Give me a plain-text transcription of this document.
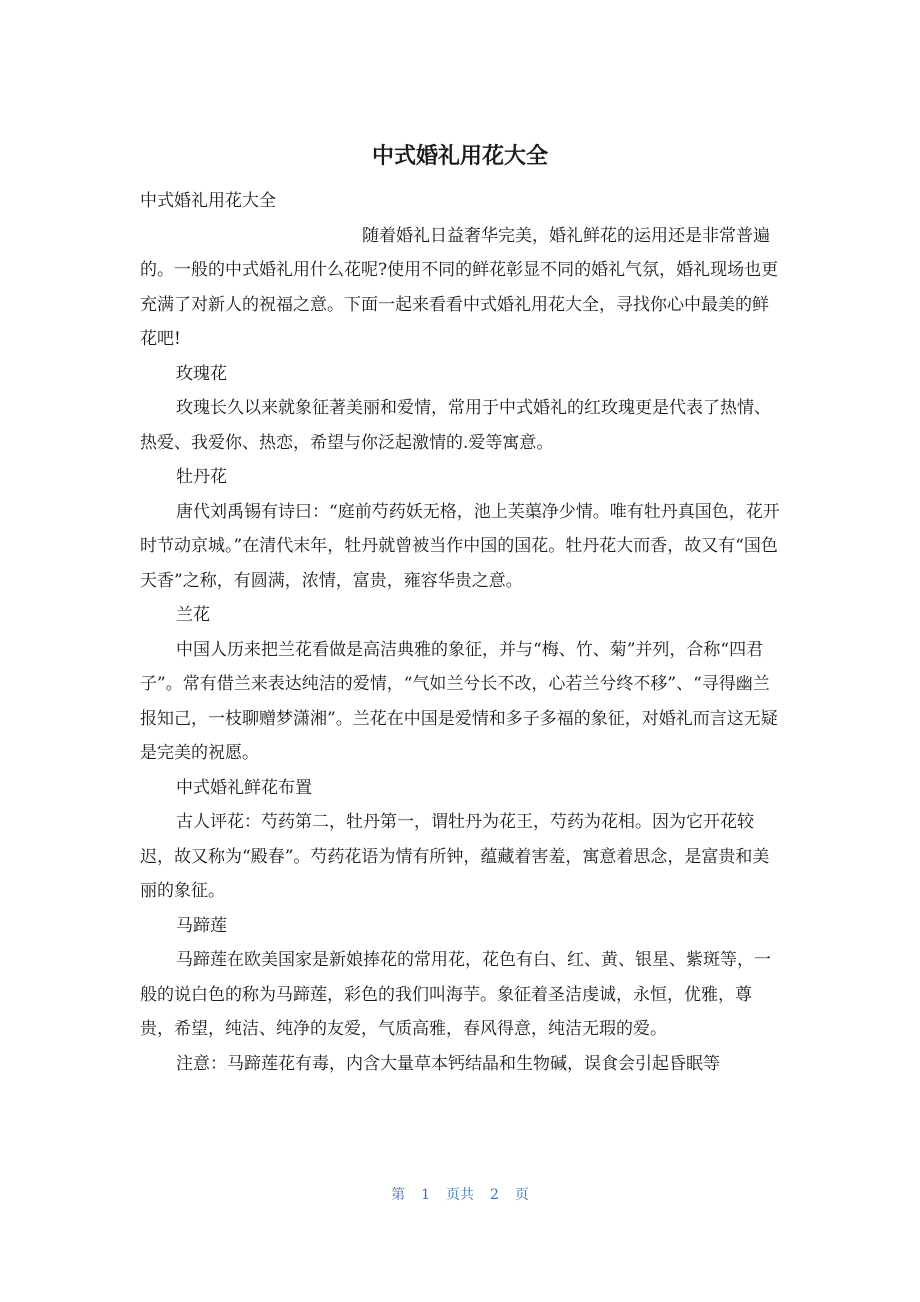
中式婚礼用花大全

中式婚礼用花大全

随着婚礼日益奢华完美，婚礼鲜花的运用还是非常普遍的。一般的中式婚礼用什么花呢?使用不同的鲜花彰显不同的婚礼气氛，婚礼现场也更充满了对新人的祝福之意。下面一起来看看中式婚礼用花大全，寻找你心中最美的鲜花吧!

玫瑰花

玫瑰长久以来就象征著美丽和爱情，常用于中式婚礼的红玫瑰更是代表了热情、热爱、我爱你、热恋，希望与你泛起激情的.爱等寓意。

牡丹花

唐代刘禹锡有诗曰：“庭前芍药妖无格，池上芙蕖净少情。唯有牡丹真国色，花开时节动京城。”在清代末年，牡丹就曾被当作中国的国花。牡丹花大而香，故又有“国色天香”之称，有圆满，浓情，富贵，雍容华贵之意。

兰花

中国人历来把兰花看做是高洁典雅的象征，并与“梅、竹、菊”并列，合称“四君子”。常有借兰来表达纯洁的爱情，“气如兰兮长不改，心若兰兮终不移”、“寻得幽兰报知己，一枝聊赠梦潇湘”。兰花在中国是爱情和多子多福的象征，对婚礼而言这无疑是完美的祝愿。

中式婚礼鲜花布置

古人评花：芍药第二，牡丹第一，谓牡丹为花王，芍药为花相。因为它开花较迟，故又称为“殿春”。芍药花语为情有所钟，蕴藏着害羞，寓意着思念，是富贵和美丽的象征。

马蹄莲

马蹄莲在欧美国家是新娘捧花的常用花，花色有白、红、黄、银星、紫斑等，一般的说白色的称为马蹄莲，彩色的我们叫海芋。象征着圣洁虔诚，永恒，优雅，尊贵，希望，纯洁、纯净的友爱，气质高雅，春风得意，纯洁无瑕的爱。

注意：马蹄莲花有毒，内含大量草本钙结晶和生物碱，误食会引起昏眠等

第 1 页共 2 页
